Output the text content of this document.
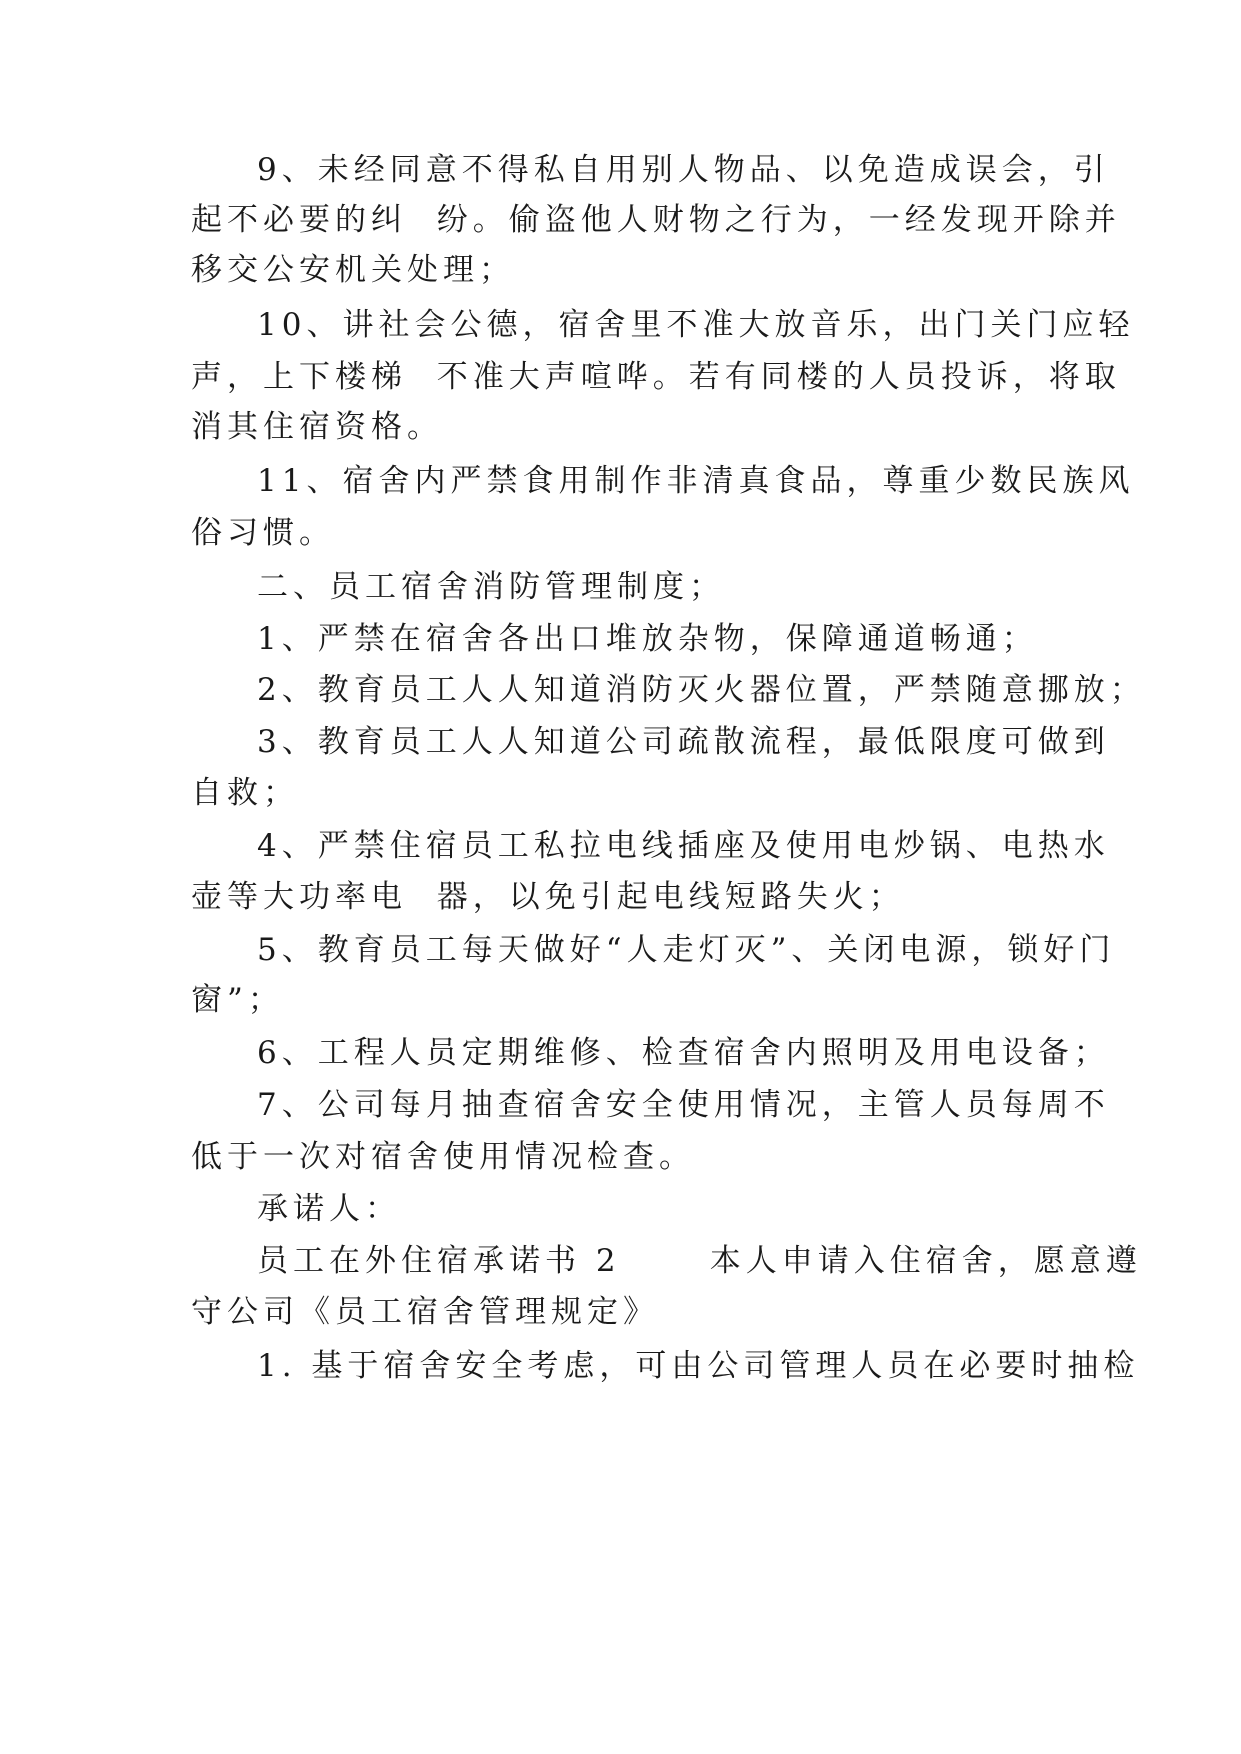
9、未经同意不得私自用别人物品、以免造成误会，引
起不必要的纠  纷。偷盗他人财物之行为，一经发现开除并
移交公安机关处理；
10、讲社会公德，宿舍里不准大放音乐，出门关门应轻
声，上下楼梯  不准大声喧哗。若有同楼的人员投诉，将取
消其住宿资格。
11、宿舍内严禁食用制作非清真食品，尊重少数民族风
俗习惯。
二、员工宿舍消防管理制度；
1、严禁在宿舍各出口堆放杂物，保障通道畅通；
2、教育员工人人知道消防灭火器位置，严禁随意挪放；
3、教育员工人人知道公司疏散流程，最低限度可做到
自救；
4、严禁住宿员工私拉电线插座及使用电炒锅、电热水
壶等大功率电  器，以免引起电线短路失火；
5、教育员工每天做好“人走灯灭”、关闭电源，锁好门
窗”；
6、工程人员定期维修、检查宿舍内照明及用电设备；
7、公司每月抽查宿舍安全使用情况，主管人员每周不
低于一次对宿舍使用情况检查。
承诺人：
员工在外住宿承诺书 2      本人申请入住宿舍，愿意遵
守公司《员工宿舍管理规定》
1. 基于宿舍安全考虑，可由公司管理人员在必要时抽检
